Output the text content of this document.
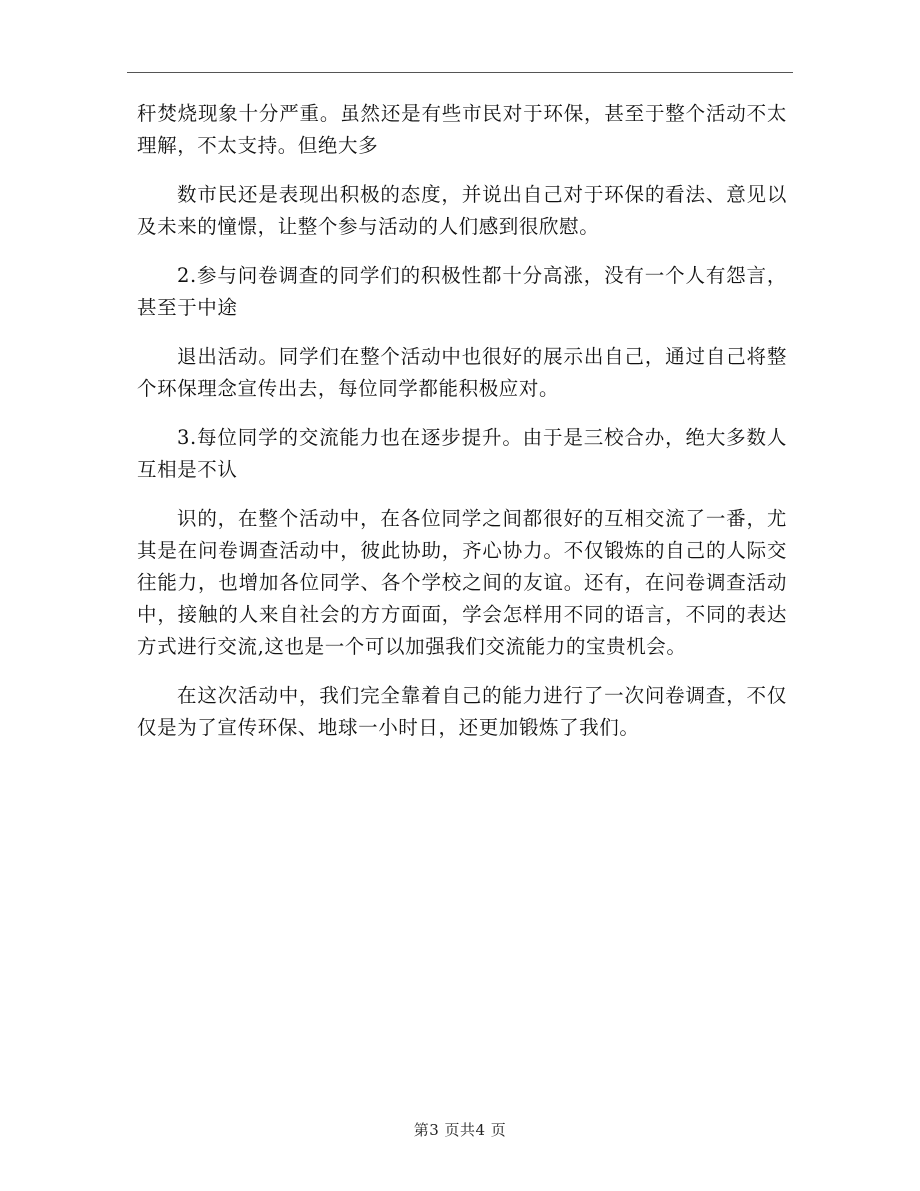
秆焚烧现象十分严重。虽然还是有些市民对于环保，甚至于整个活动不太理解，不太支持。但绝大多

数市民还是表现出积极的态度，并说出自己对于环保的看法、意见以及未来的憧憬，让整个参与活动的人们感到很欣慰。

2.参与问卷调查的同学们的积极性都十分高涨，没有一个人有怨言，甚至于中途

退出活动。同学们在整个活动中也很好的展示出自己，通过自己将整个环保理念宣传出去，每位同学都能积极应对。

3.每位同学的交流能力也在逐步提升。由于是三校合办，绝大多数人互相是不认

识的，在整个活动中，在各位同学之间都很好的互相交流了一番，尤其是在问卷调查活动中，彼此协助，齐心协力。不仅锻炼的自己的人际交往能力，也增加各位同学、各个学校之间的友谊。还有，在问卷调查活动中，接触的人来自社会的方方面面，学会怎样用不同的语言，不同的表达方式进行交流,这也是一个可以加强我们交流能力的宝贵机会。

在这次活动中，我们完全靠着自己的能力进行了一次问卷调查，不仅仅是为了宣传环保、地球一小时日，还更加锻炼了我们。

第3 页共4 页
